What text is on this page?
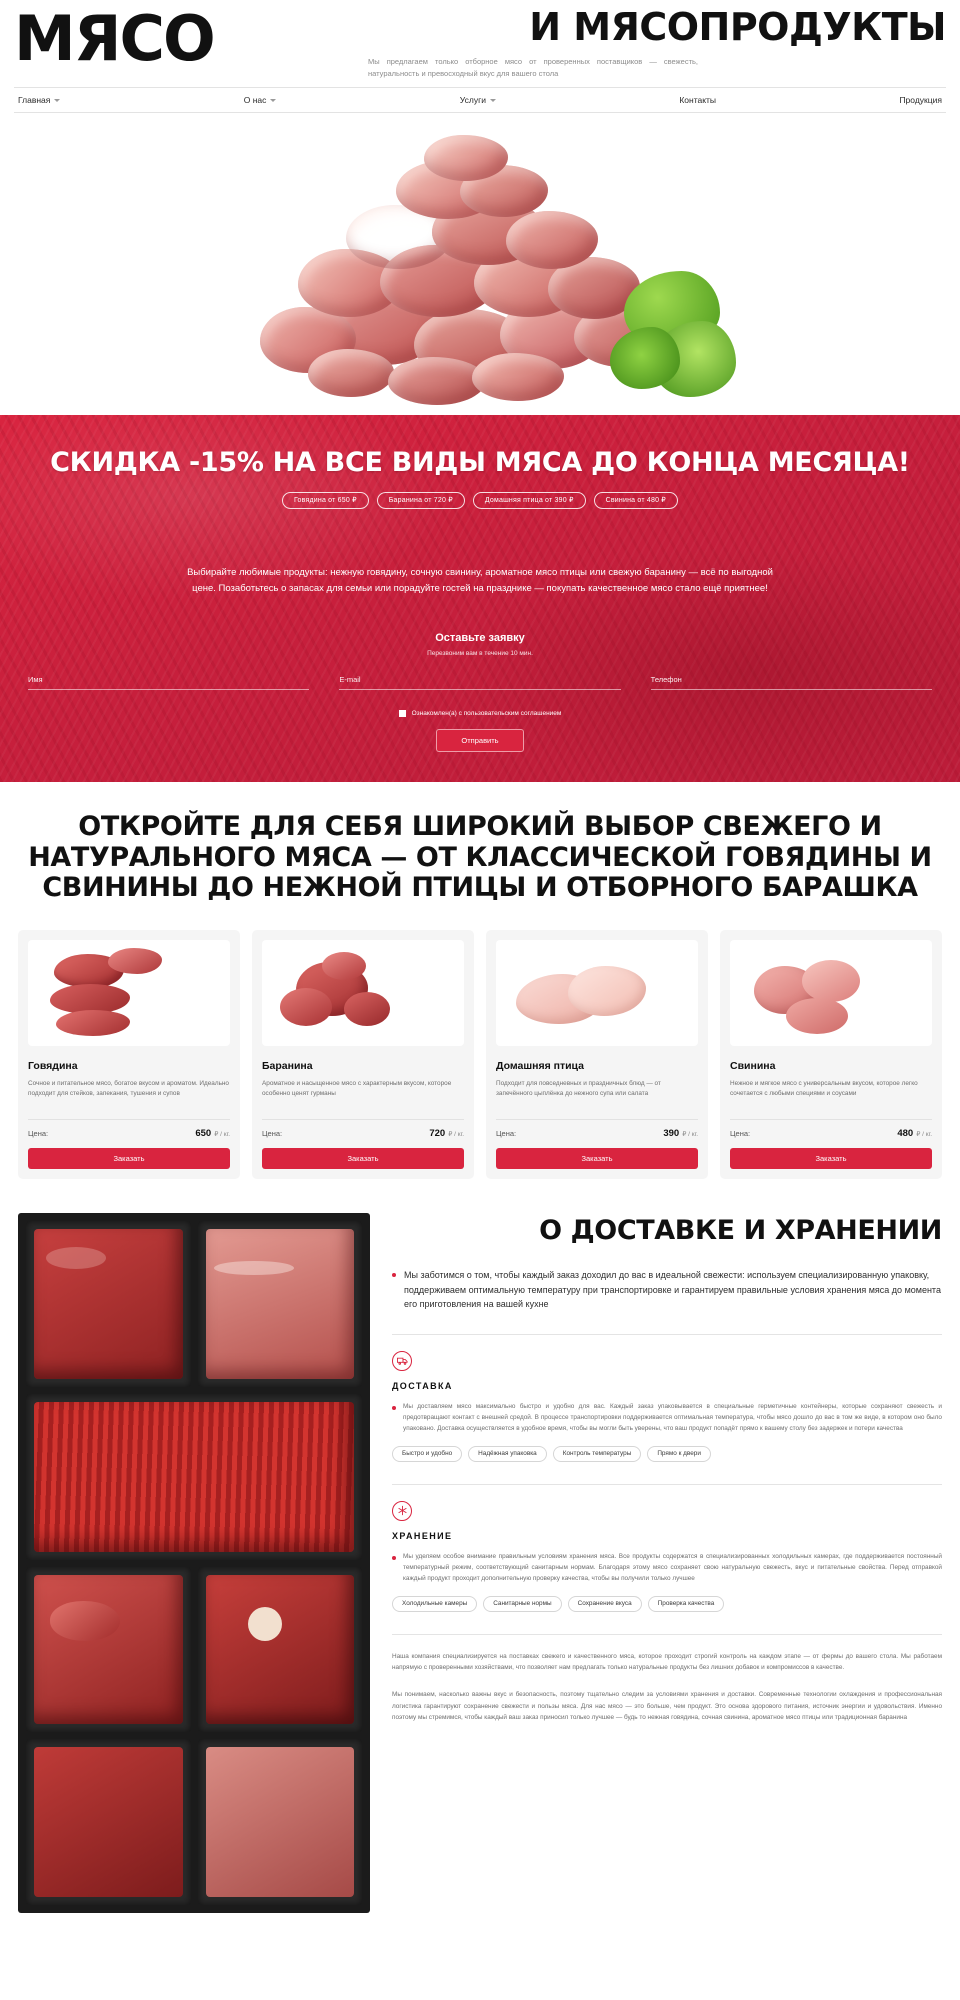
МЯСО	И МЯСОПРОДУКТЫ
Мы предлагаем только отборное мясо от проверенных поставщиков — свежесть, натуральность и превосходный вкус для вашего стола
Главная	О нас	Услуги	Контакты	Продукция
СКИДКА -15% НА ВСЕ ВИДЫ МЯСА ДО КОНЦА МЕСЯЦА!
Говядина от 650 ₽	Баранина от 720 ₽	Домашняя птица от 390 ₽	Свинина от 480 ₽
Выбирайте любимые продукты: нежную говядину, сочную свинину, ароматное мясо птицы или свежую баранину — всё по выгодной цене. Позаботьтесь о запасах для семьи или порадуйте гостей на празднике — покупать качественное мясо стало ещё приятнее!
Оставьте заявку
Перезвоним вам в течение 10 мин.
Имя	E-mail	Телефон
Ознакомлен(а) с пользовательским соглашением
Отправить
ОТКРОЙТЕ ДЛЯ СЕБЯ ШИРОКИЙ ВЫБОР СВЕЖЕГО И НАТУРАЛЬНОГО МЯСА — ОТ КЛАССИЧЕСКОЙ ГОВЯДИНЫ И СВИНИНЫ ДО НЕЖНОЙ ПТИЦЫ И ОТБОРНОГО БАРАШКА
Говядина
Сочное и питательное мясо, богатое вкусом и ароматом. Идеально подходит для стейков, запекания, тушения и супов
Цена:	650 ₽ / кг.
Заказать
Баранина
Ароматное и насыщенное мясо с характерным вкусом, которое особенно ценят гурманы
Цена:	720 ₽ / кг.
Заказать
Домашняя птица
Подходит для повседневных и праздничных блюд — от запечённого цыплёнка до нежного супа или салата
Цена:	390 ₽ / кг.
Заказать
Свинина
Нежное и мягкое мясо с универсальным вкусом, которое легко сочетается с любыми специями и соусами
Цена:	480 ₽ / кг.
Заказать
О ДОСТАВКЕ И ХРАНЕНИИ
Мы заботимся о том, чтобы каждый заказ доходил до вас в идеальной свежести: используем специализированную упаковку, поддерживаем оптимальную температуру при транспортировке и гарантируем правильные условия хранения мяса до момента его приготовления на вашей кухне
ДОСТАВКА
Мы доставляем мясо максимально быстро и удобно для вас. Каждый заказ упаковывается в специальные герметичные контейнеры, которые сохраняют свежесть и предотвращают контакт с внешней средой. В процессе транспортировки поддерживается оптимальная температура, чтобы мясо дошло до вас в том же виде, в котором оно было упаковано. Доставка осуществляется в удобное время, чтобы вы могли быть уверены, что ваш продукт попадёт прямо к вашему столу без задержек и потери качества
Быстро и удобно	Надёжная упаковка	Контроль температуры	Прямо к двери
ХРАНЕНИЕ
Мы уделяем особое внимание правильным условиям хранения мяса. Все продукты содержатся в специализированных холодильных камерах, где поддерживается постоянный температурный режим, соответствующий санитарным нормам. Благодаря этому мясо сохраняет свою натуральную свежесть, вкус и питательные свойства. Перед отправкой каждый продукт проходит дополнительную проверку качества, чтобы вы получили только лучшее
Холодильные камеры	Санитарные нормы	Сохранение вкуса	Проверка качества
Наша компания специализируется на поставках свежего и качественного мяса, которое проходит строгий контроль на каждом этапе — от фермы до вашего стола. Мы работаем напрямую с проверенными хозяйствами, что позволяет нам предлагать только натуральные продукты без лишних добавок и компромиссов в качестве.
Мы понимаем, насколько важны вкус и безопасность, поэтому тщательно следим за условиями хранения и доставки. Современные технологии охлаждения и профессиональная логистика гарантируют сохранение свежести и пользы мяса. Для нас мясо — это больше, чем продукт. Это основа здорового питания, источник энергии и удовольствия. Именно поэтому мы стремимся, чтобы каждый ваш заказ приносил только лучшее — будь то нежная говядина, сочная свинина, ароматное мясо птицы или традиционная баранина
